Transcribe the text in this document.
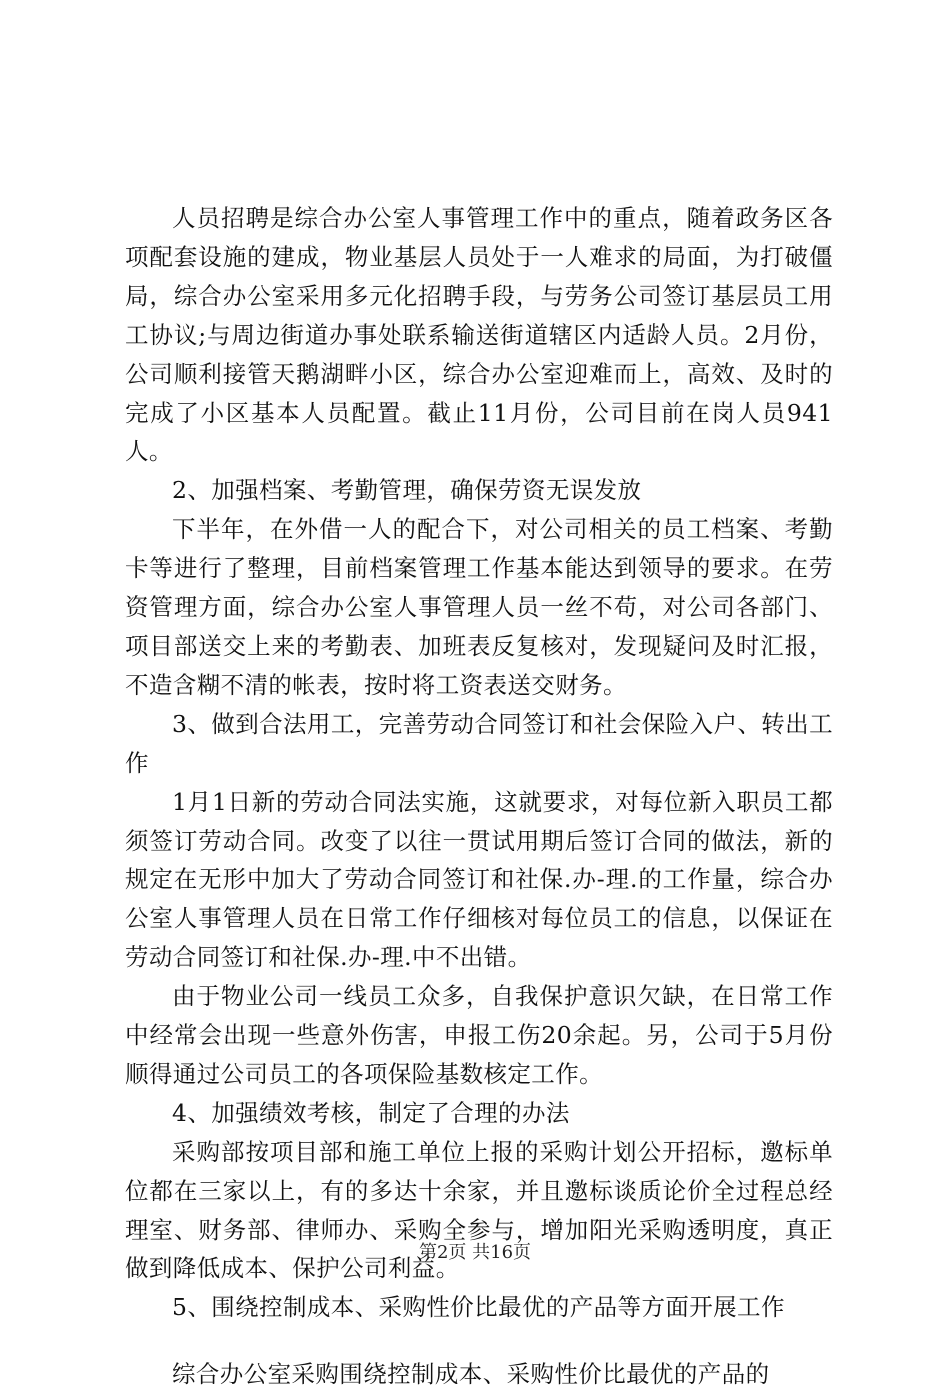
人员招聘是综合办公室人事管理工作中的重点，随着政务区各项配套设施的建成，物业基层人员处于一人难求的局面，为打破僵局，综合办公室采用多元化招聘手段，与劳务公司签订基层员工用工协议;与周边街道办事处联系输送街道辖区内适龄人员。2月份，公司顺利接管天鹅湖畔小区，综合办公室迎难而上，高效、及时的完成了小区基本人员配置。截止11月份，公司目前在岗人员941人。

2、加强档案、考勤管理，确保劳资无误发放

下半年，在外借一人的配合下，对公司相关的员工档案、考勤卡等进行了整理，目前档案管理工作基本能达到领导的要求。在劳资管理方面，综合办公室人事管理人员一丝不苟，对公司各部门、项目部送交上来的考勤表、加班表反复核对，发现疑问及时汇报，不造含糊不清的帐表，按时将工资表送交财务。

3、做到合法用工，完善劳动合同签订和社会保险入户、转出工作

1月1日新的劳动合同法实施，这就要求，对每位新入职员工都须签订劳动合同。改变了以往一贯试用期后签订合同的做法，新的规定在无形中加大了劳动合同签订和社保.办-理.的工作量，综合办公室人事管理人员在日常工作仔细核对每位员工的信息，以保证在劳动合同签订和社保.办-理.中不出错。

由于物业公司一线员工众多，自我保护意识欠缺，在日常工作中经常会出现一些意外伤害，申报工伤20余起。另，公司于5月份顺得通过公司员工的各项保险基数核定工作。

4、加强绩效考核，制定了合理的办法

采购部按项目部和施工单位上报的采购计划公开招标，邀标单位都在三家以上，有的多达十余家，并且邀标谈质论价全过程总经理室、财务部、律师办、采购全参与，增加阳光采购透明度，真正做到降低成本、保护公司利益。

5、围绕控制成本、采购性价比最优的产品等方面开展工作

综合办公室采购围绕控制成本、采购性价比最优的产品的

第2页 共16页
